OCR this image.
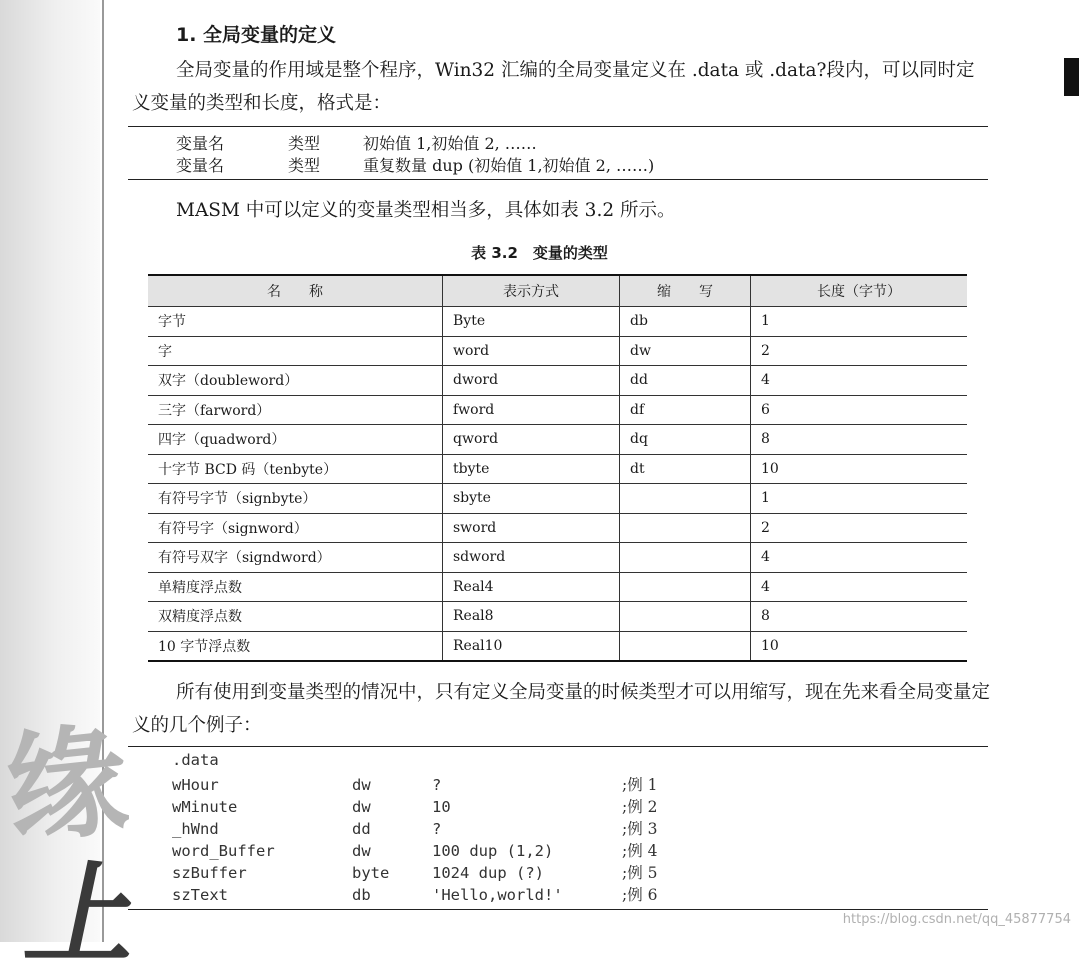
缘
上
1. 全局变量的定义
全局变量的作用域是整个程序，Win32 汇编的全局变量定义在 .data 或 .data?段内，可以同时定义变量的类型和长度，格式是：
变量名	类型	初始值 1,初始值 2, ……
变量名	类型	重复数量 dup (初始值 1,初始值 2, ……)
MASM 中可以定义的变量类型相当多，具体如表 3.2 所示。
表 3.2　变量的类型
名　　称	表示方式	缩　　写	长度（字节）
字节	Byte	db	1
字	word	dw	2
双字（doubleword）	dword	dd	4
三字（farword）	fword	df	6
四字（quadword）	qword	dq	8
十字节 BCD 码（tenbyte）	tbyte	dt	10
有符号字节（signbyte）	sbyte		1
有符号字（signword）	sword		2
有符号双字（signdword）	sdword		4
单精度浮点数	Real4		4
双精度浮点数	Real8		8
10 字节浮点数	Real10		10
所有使用到变量类型的情况中，只有定义全局变量的时候类型才可以用缩写，现在先来看全局变量定义的几个例子：
.data
wHour	dw	?	;例 1
wMinute	dw	10	;例 2
_hWnd	dd	?	;例 3
word_Buffer	dw	100 dup (1,2)	;例 4
szBuffer	byte	1024 dup (?)	;例 5
szText	db	'Hello,world!'	;例 6
https://blog.csdn.net/qq_45877754
